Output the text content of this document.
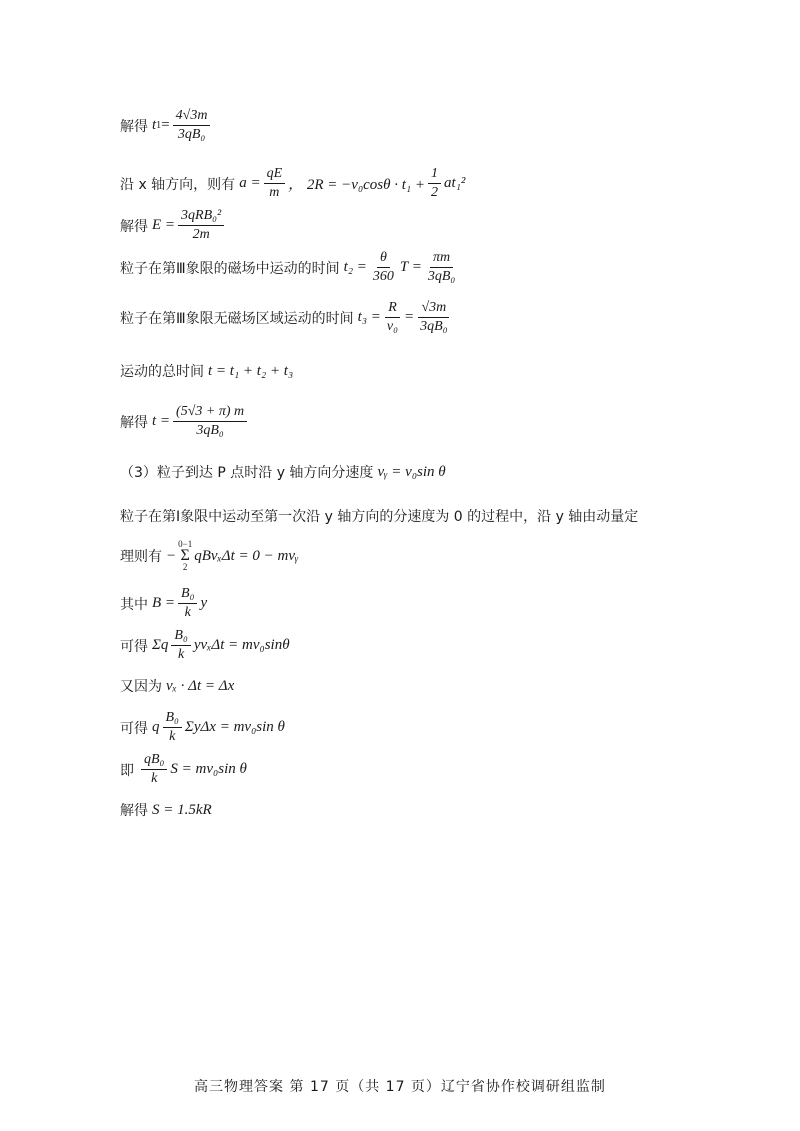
解得 t $1 = \frac{4√3m}{\text{3qB₀}}$
沿 x 轴方向，则有 $a = \frac{qE}{m}$ ， $2R = -v_0\cos\theta \cdot t_1 + \frac{1}{2} at_1^2$
解得 $E = \frac{\text{3qRB₀²}}{2m}$
粒子在第Ⅲ象限的磁场中运动的时间 $t_2 = \frac{\theta}{360}$ $T = \frac{\pi m}{\text{3qB₀}}$
粒子在第Ⅲ象限无磁场区域运动的时间 $t_3 = \frac{R}{\text{v₀}} = \frac{√3m}{\text{3qB₀}}$
运动的总时间 t = t₁ + t₂ + t₃
解得 $t = \frac{(5√3 + \pi) m}{\text{3qB₀}}$
（3）粒子到达 P 点时沿 y 轴方向分速度 vᵧ = v₀sin θ
粒子在第Ⅰ象限中运动至第一次沿 y 轴方向的分速度为 0 的过程中，沿 y 轴由动量定
理则有 −
0−1
Σ
2
qBvₓΔt = 0 − mvᵧ
其中 $B = \frac{\text{B₀}}{k}$ y
可得 Σq $\frac{\text{B₀}}{k}$ yvₓΔt = mv₀sinθ
又因为 vₓ · Δt = Δx
可得 q $\frac{\text{B₀}}{k}$ ΣyΔx = mv₀sin θ
即 $\frac{\text{qB₀}}{k}$ S = mv₀sin θ
解得 S = 1.5kR
高三物理答案 第 17 页（共 17 页）辽宁省协作校调研组监制
